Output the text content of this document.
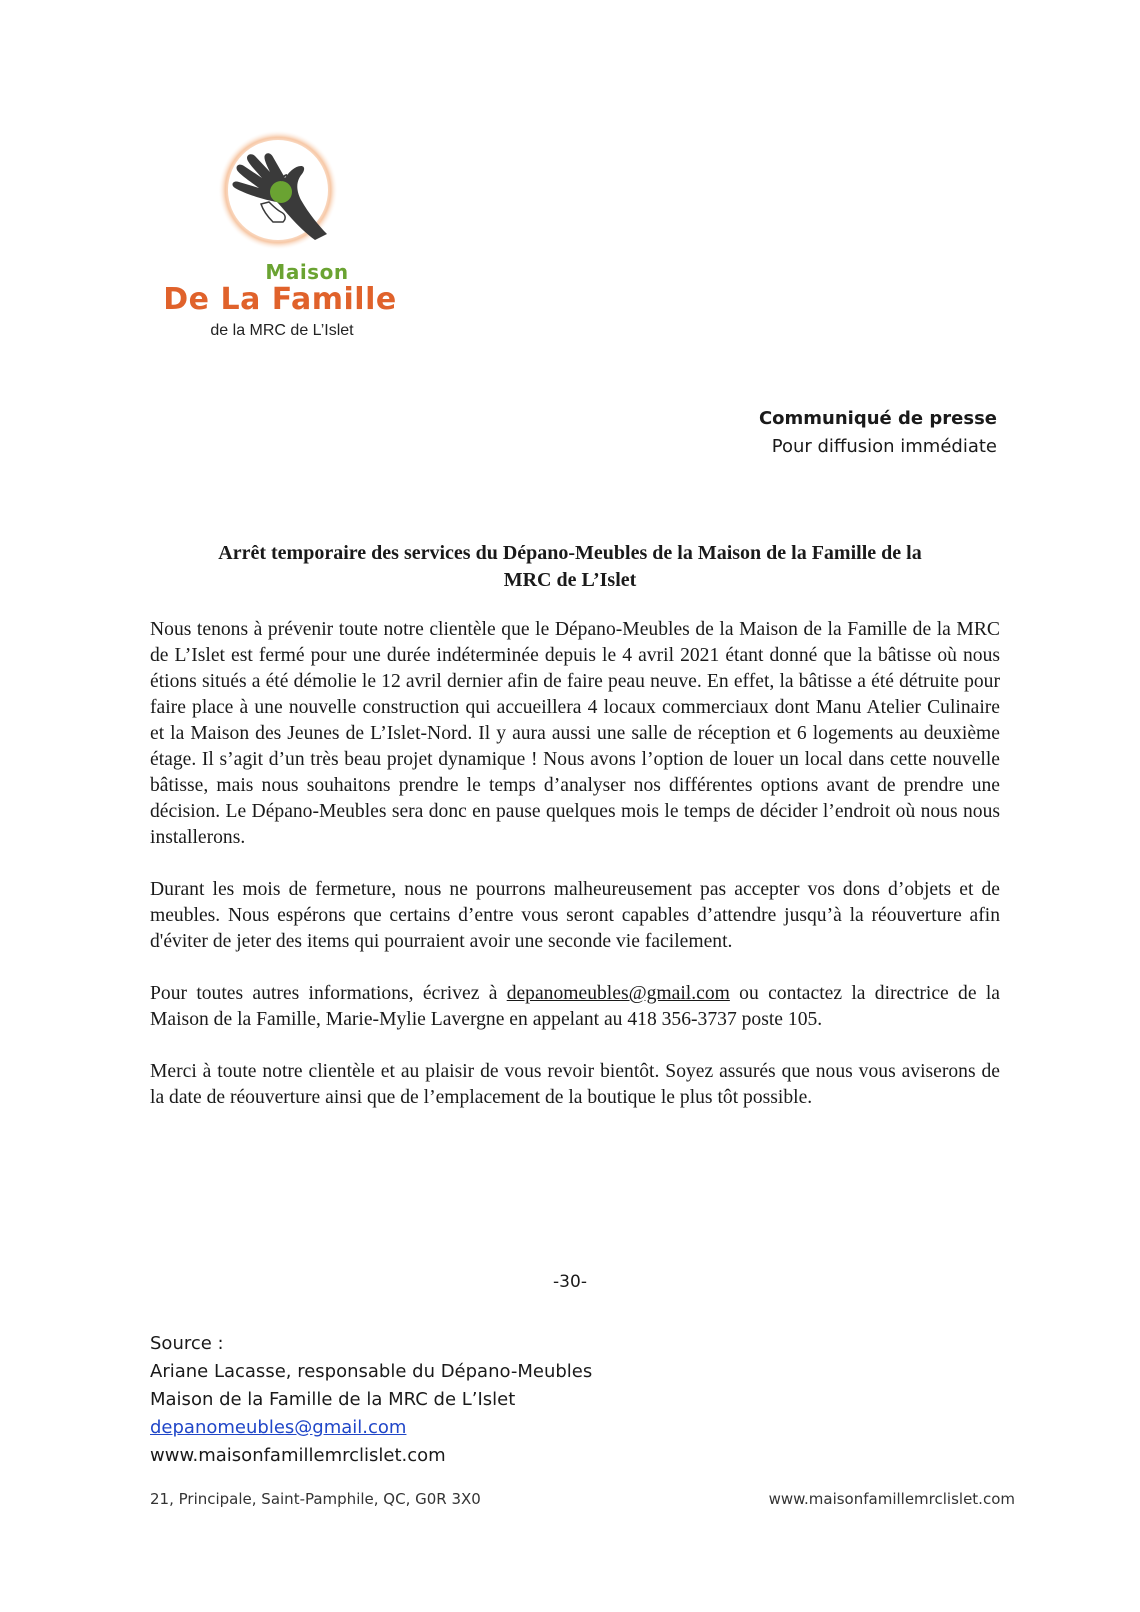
Maison
De La Famille
de la MRC de L’Islet
Communiqué de presse
Pour diffusion immédiate
Arrêt temporaire des services du Dépano-Meubles de la Maison de la Famille de la
MRC de L’Islet

Nous tenons à prévenir toute notre clientèle que le Dépano-Meubles de la Maison de la Famille de la MRC de L’Islet est fermé pour une durée indéterminée depuis le 4 avril 2021 étant donné que la bâtisse où nous étions situés a été démolie le 12 avril dernier afin de faire peau neuve. En effet, la bâtisse a été détruite pour faire place à une nouvelle construction qui accueillera 4 locaux commerciaux dont Manu Atelier Culinaire et la Maison des Jeunes de L’Islet-Nord. Il y aura aussi une salle de réception et 6 logements au deuxième étage. Il s’agit d’un très beau projet dynamique ! Nous avons l’option de louer un local dans cette nouvelle bâtisse, mais nous souhaitons prendre le temps d’analyser nos différentes options avant de prendre une décision. Le Dépano-Meubles sera donc en pause quelques mois le temps de décider l’endroit où nous nous installerons.

Durant les mois de fermeture, nous ne pourrons malheureusement pas accepter vos dons d’objets et de meubles. Nous espérons que certains d’entre vous seront capables d’attendre jusqu’à la réouverture afin d'éviter de jeter des items qui pourraient avoir une seconde vie facilement.

Pour toutes autres informations, écrivez à depanomeubles@gmail.com ou contactez la directrice de la Maison de la Famille, Marie-Mylie Lavergne en appelant au 418 356-3737 poste 105.

Merci à toute notre clientèle et au plaisir de vous revoir bientôt. Soyez assurés que nous vous aviserons de la date de réouverture ainsi que de l’emplacement de la boutique le plus tôt possible.

-30-
Source :
Ariane Lacasse, responsable du Dépano-Meubles
Maison de la Famille de la MRC de L’Islet
depanomeubles@gmail.com
www.maisonfamillemrclislet.com
21, Principale, Saint-Pamphile, QC, G0R 3X0	www.maisonfamillemrclislet.com
